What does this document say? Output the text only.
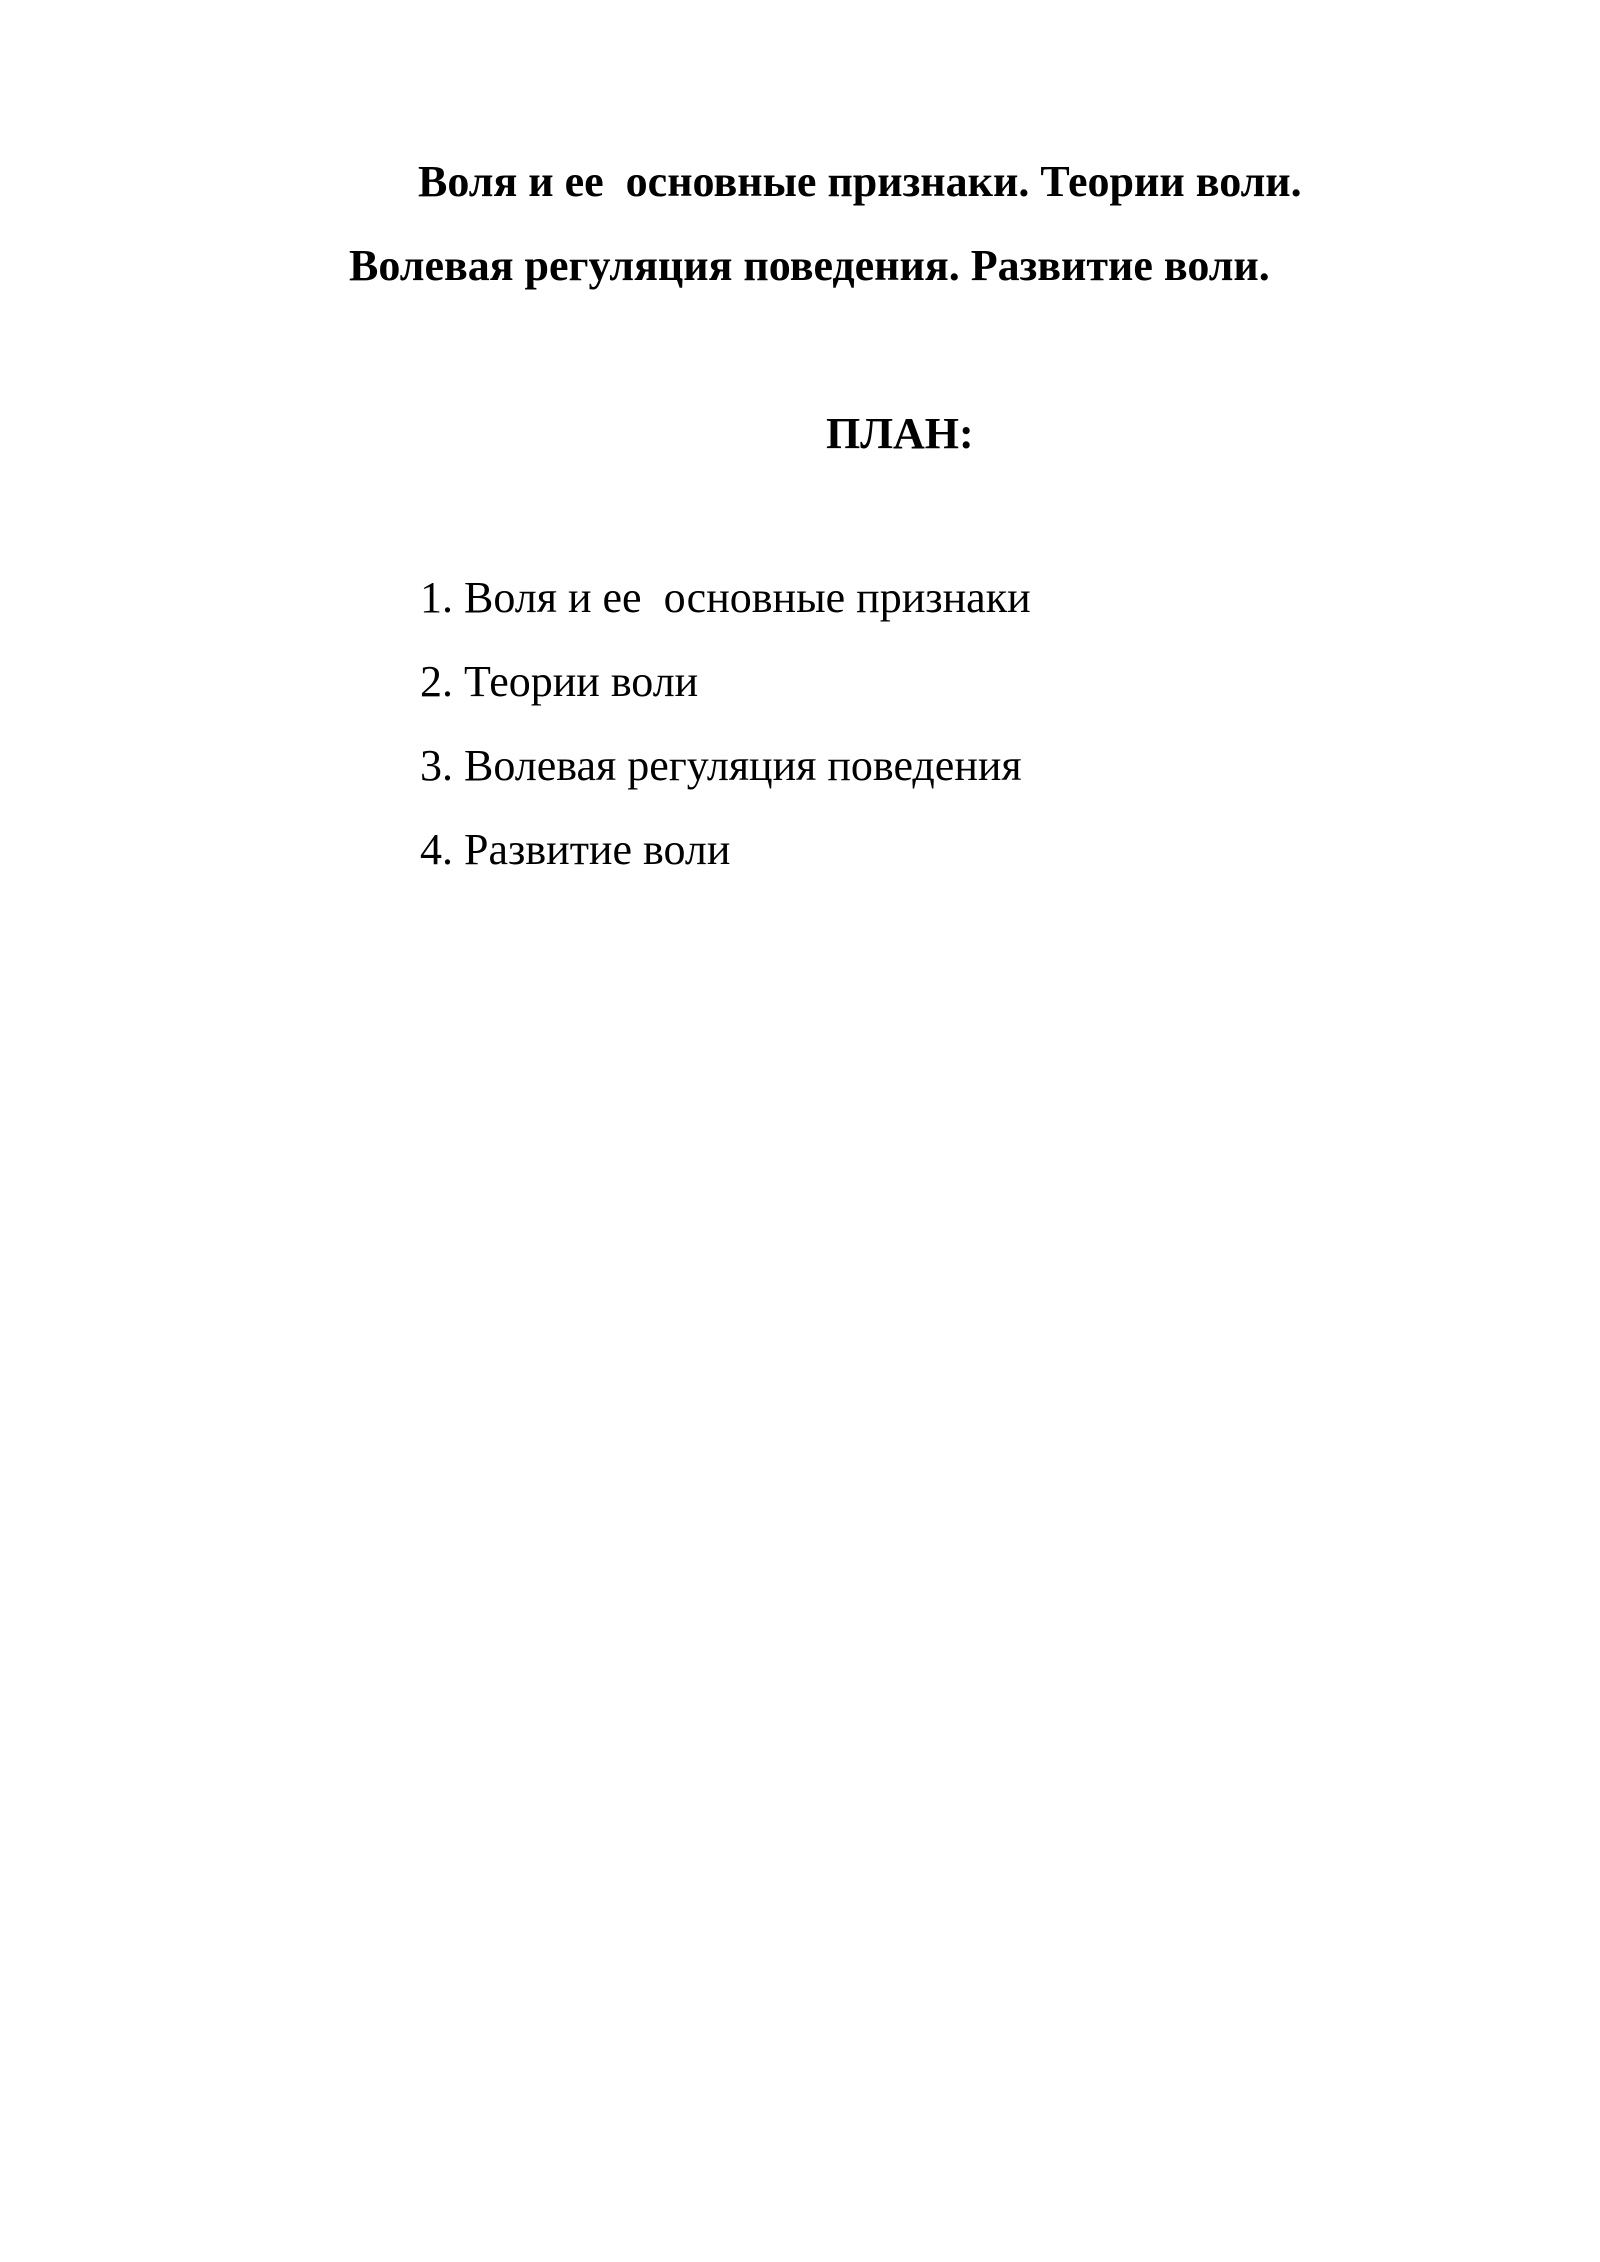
Воля и ее  основные признаки. Теории воли.
Волевая регуляция поведения. Развитие воли.
ПЛАН:
1. Воля и ее  основные признаки
2. Теории воли
3. Волевая регуляция поведения
4. Развитие воли
